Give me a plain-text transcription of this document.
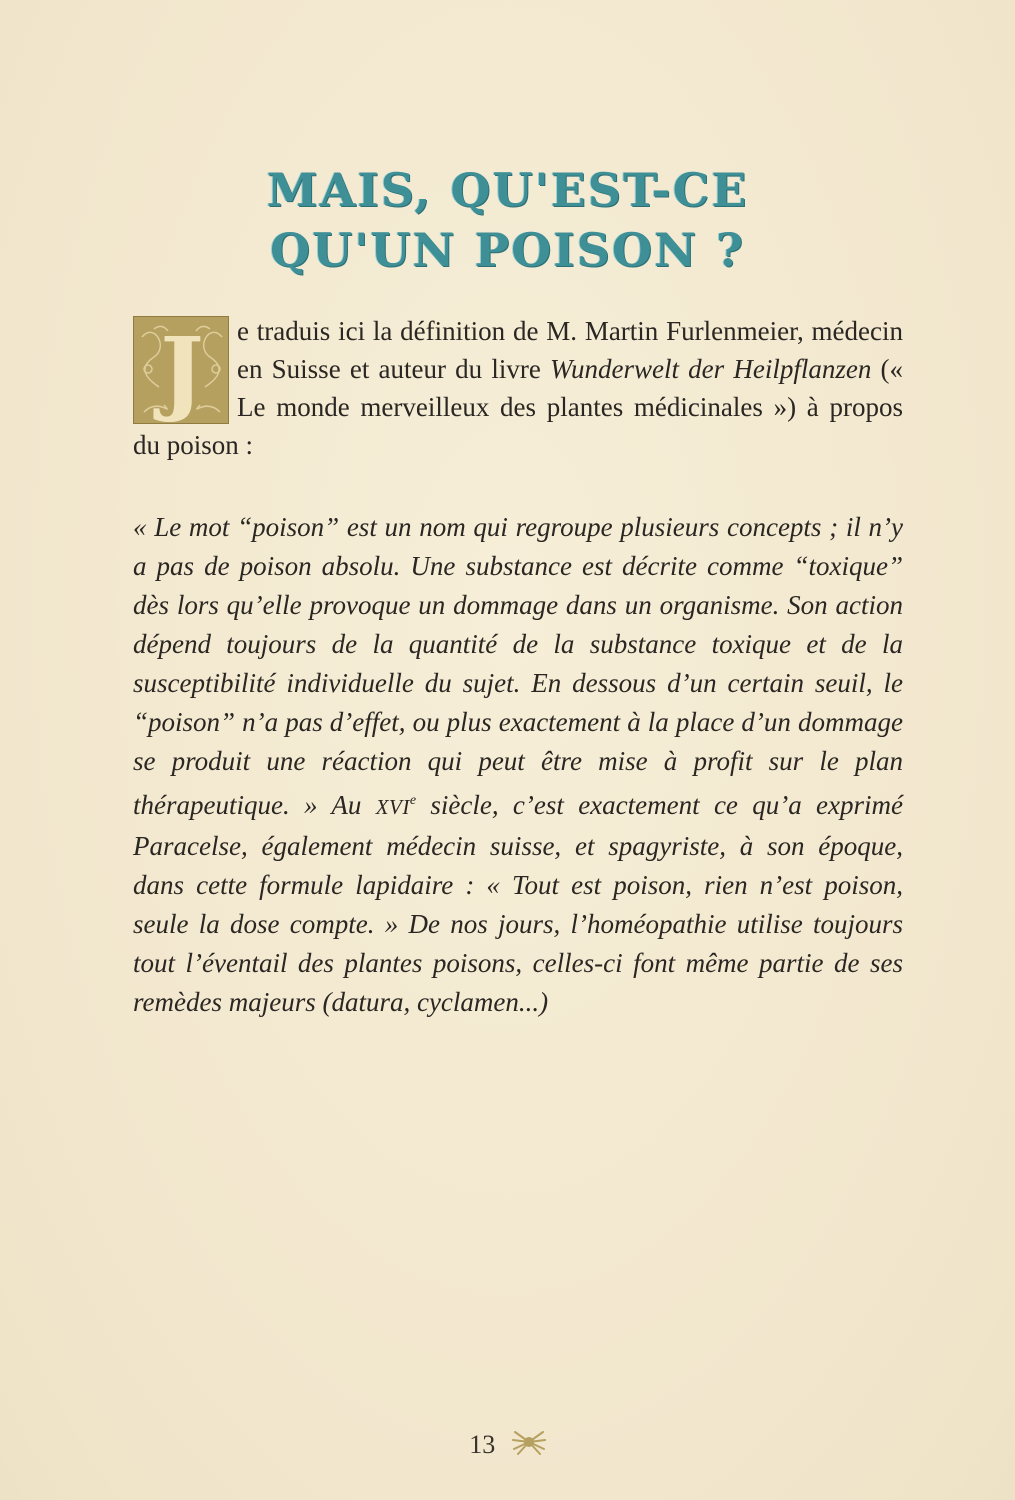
MAIS, QU'EST-CE
QU'UN POISON ?
J	e traduis ici la définition de M. Martin Furlenmeier, médecin en Suisse et auteur du livre Wunderwelt der Heilpflanzen (« Le monde merveilleux des plantes médicinales ») à propos du poison :
« Le mot “poison” est un nom qui regroupe plusieurs concepts ; il n’y a pas de poison absolu. Une substance est décrite comme “toxique” dès lors qu’elle provoque un dommage dans un organisme. Son action dépend toujours de la quantité de la substance toxique et de la susceptibilité individuelle du sujet. En dessous d’un certain seuil, le “poison” n’a pas d’effet, ou plus exactement à la place d’un dommage se produit une réaction qui peut être mise à profit sur le plan thérapeutique. » Au XVIe siècle, c’est exactement ce qu’a exprimé Paracelse, également médecin suisse, et spagyriste, à son époque, dans cette formule lapidaire : « Tout est poison, rien n’est poison, seule la dose compte. » De nos jours, l’homéopathie utilise toujours tout l’éventail des plantes poisons, celles-ci font même partie de ses remèdes majeurs (datura, cyclamen...)
13
